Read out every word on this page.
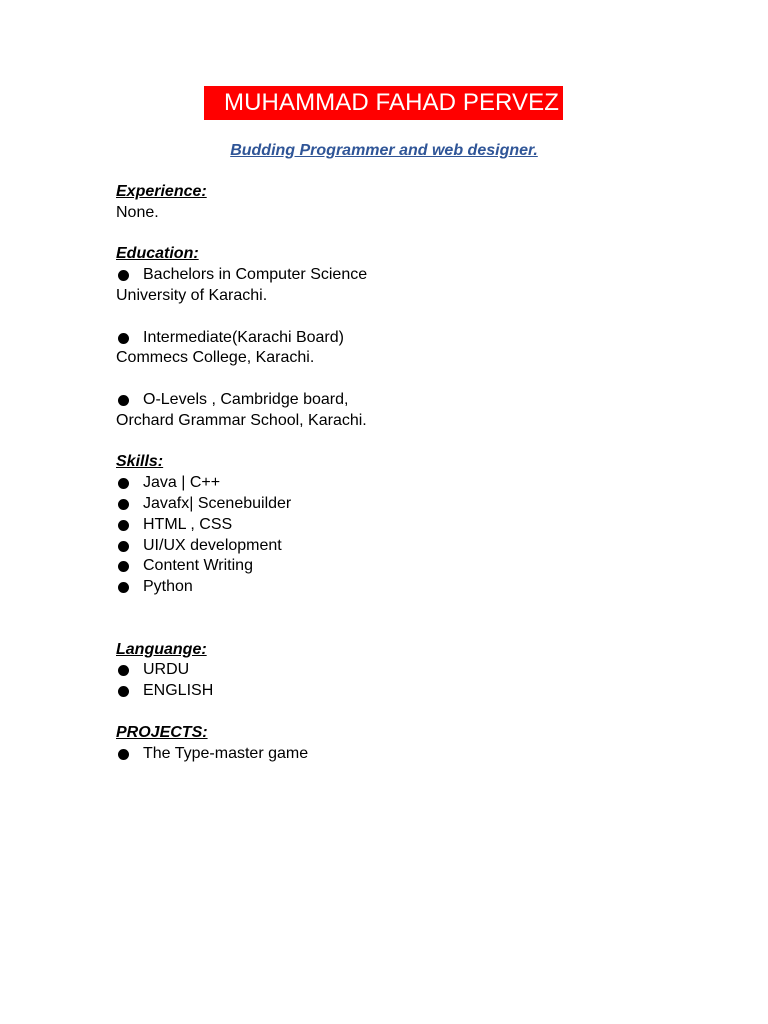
MUHAMMAD FAHAD PERVEZ
Budding Programmer and web designer.
Experience:
None.
Education:
Bachelors in Computer Science
University of Karachi.
Intermediate(Karachi Board)
Commecs College, Karachi.
O-Levels , Cambridge board,
Orchard Grammar School, Karachi.
Skills:
Java | C++
Javafx| Scenebuilder
HTML , CSS
UI/UX development
Content Writing
Python
Languange:
URDU
ENGLISH
PROJECTS:
The Type-master game
